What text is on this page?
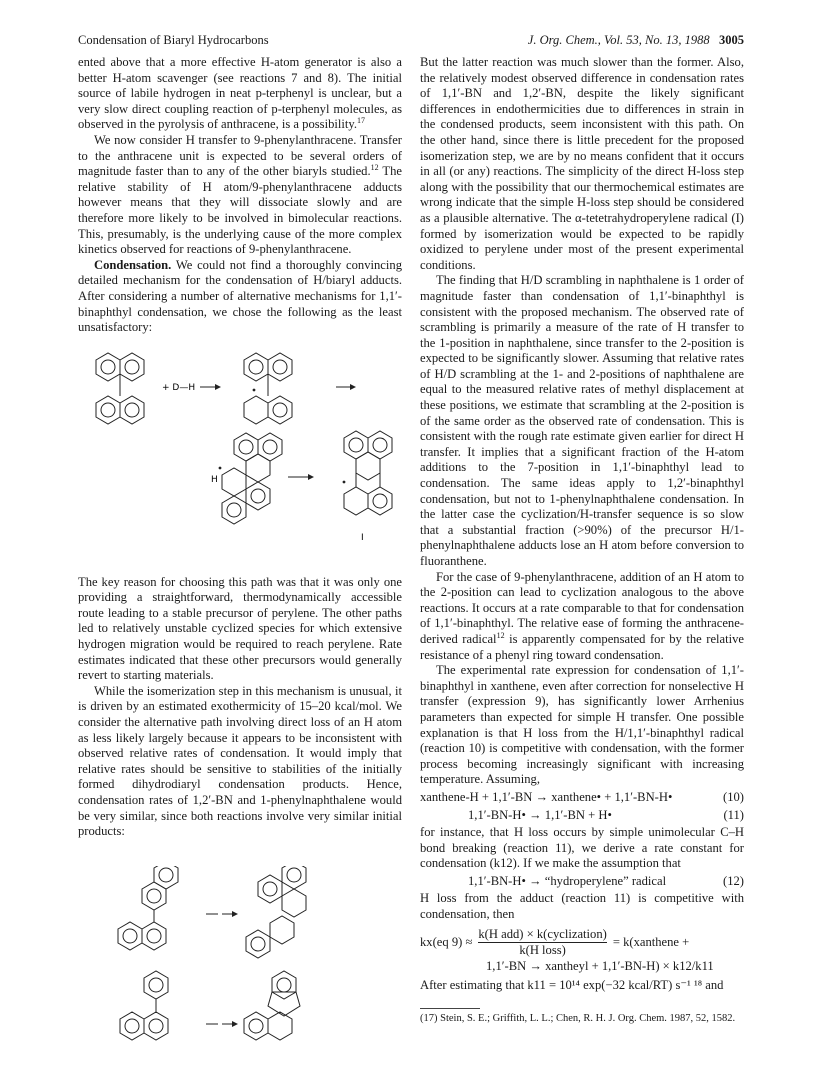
Condensation of Biaryl Hydrocarbons	J. Org. Chem., Vol. 53, No. 13, 1988 3005

ented above that a more effective H-atom generator is also a better H-atom scavenger (see reactions 7 and 8). The initial source of labile hydrogen in neat p-terphenyl is unclear, but a very slow direct coupling reaction of p-terphenyl molecules, as observed in the pyrolysis of anthracene, is a possibility.$^{17}$

We now consider H transfer to 9-phenylanthracene. Transfer to the anthracene unit is expected to be several orders of magnitude faster than to any of the other biaryls studied.$^{12}$ The relative stability of H atom/9-phenylanthracene adducts however means that they will dissociate slowly and are therefore more likely to be involved in bimolecular reactions. This, presumably, is the underlying cause of the more complex kinetics observed for reactions of 9-phenylanthracene.

Condensation. We could not find a thoroughly convincing detailed mechanism for the condensation of H/biaryl adducts. After considering a number of alternative mechanisms for 1,1′-binaphthyl condensation, we chose the following as the least unsatisfactory:

+ D—H
H
I

The key reason for choosing this path was that it was only one providing a straightforward, thermodynamically accessible route leading to a stable precursor of perylene. The other paths led to relatively unstable cyclized species for which extensive hydrogen migration would be required to reach perylene. Rate estimates indicated that these other precursors would generally revert to starting materials.

While the isomerization step in this mechanism is unusual, it is driven by an estimated exothermicity of 15–20 kcal/mol. We consider the alternative path involving direct loss of an H atom as less likely largely because it appears to be inconsistent with observed relative rates of condensation. It would imply that relative rates should be sensitive to stabilities of the initially formed dihydrodiaryl condensation products. Hence, condensation rates of 1,2′-BN and 1-phenylnaphthalene would be very similar, since both reactions involve very similar initial products:

But the latter reaction was much slower than the former. Also, the relatively modest observed difference in condensation rates of 1,1′-BN and 1,2′-BN, despite the likely significant differences in endothermicities due to differences in strain in the condensed products, seem inconsistent with this path. On the other hand, since there is little precedent for the proposed isomerization step, we are by no means confident that it occurs in all (or any) reactions. The simplicity of the direct H-loss step along with the possibility that our thermochemical estimates are wrong indicate that the simple H-loss step should be considered as a plausible alternative. The α-tetetrahydroperylene radical (I) formed by isomerization would be expected to be rapidly oxidized to perylene under most of the present experimental conditions.

The finding that H/D scrambling in naphthalene is 1 order of magnitude faster than condensation of 1,1′-binaphthyl is consistent with the proposed mechanism. The observed rate of scrambling is primarily a measure of the rate of H transfer to the 1-position in naphthalene, since transfer to the 2-position is expected to be significantly slower. Assuming that relative rates of H/D scrambling at the 1- and 2-positions of naphthalene are equal to the measured relative rates of methyl displacement at these positions, we estimate that scrambling at the 2-position is of the same order as the observed rate of condensation. This is consistent with the rough rate estimate given earlier for direct H transfer. It implies that a significant fraction of the H-atom additions to the 7-position in 1,1′-binaphthyl lead to condensation. The same ideas apply to 1,2′-binaphthyl condensation, but not to 1-phenylnaphthalene condensation. In the latter case the cyclization/H-transfer sequence is so slow that a substantial fraction (>90%) of the precursor H/1-phenylnaphthalene adducts lose an H atom before conversion to fluoranthene.

For the case of 9-phenylanthracene, addition of an H atom to the 2-position can lead to cyclization analogous to the above reactions. It occurs at a rate comparable to that for condensation of 1,1′-binaphthyl. The relative ease of forming the anthracene-derived radical$^{12}$ is apparently compensated for by the relative resistance of a phenyl ring toward condensation.

The experimental rate expression for condensation of 1,1′-binaphthyl in xanthene, even after correction for nonselective H transfer (expression 9), has significantly lower Arrhenius parameters than expected for simple H transfer. One possible explanation is that H loss from the H/1,1′-binaphthyl radical (reaction 10) is competitive with condensation, with the former process becoming increasingly significant with increasing temperature. Assuming,

xanthene-H + 1,1′-BN → xanthene• + 1,1′-BN-H•	(10)
1,1′-BN-H• → 1,1′-BN + H•	(11)

for instance, that H loss occurs by simple unimolecular C–H bond breaking (reaction 11), we derive a rate constant for condensation (k12). If we make the assumption that

1,1′-BN-H• → “hydroperylene” radical	(12)

H loss from the adduct (reaction 11) is competitive with condensation, then

kx(eq 9) ≈
k(H add) × k(cyclization)
k(H loss)
= k(xanthene +
1,1′-BN → xantheyl + 1,1′-BN-H) × k12/k11

After estimating that k11 = 10¹⁴ exp(−32 kcal/RT) s⁻¹ ¹⁸ and

(17) Stein, S. E.; Griffith, L. L.; Chen, R. H. J. Org. Chem. 1987, 52, 1582.
